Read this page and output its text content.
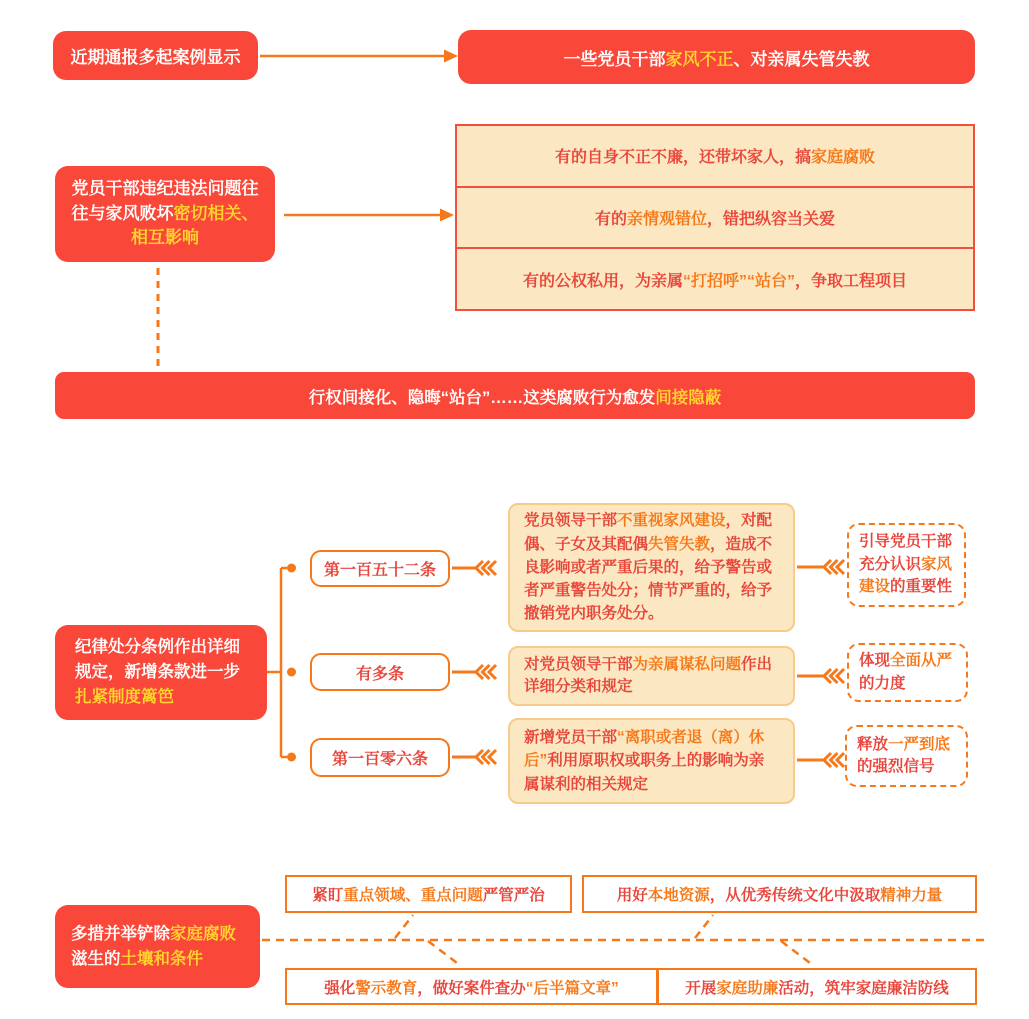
近期通报多起案例显示	一些党员干部家风不正、对亲属失管失教
党员干部违纪违法问题往往与家风败坏密切相关、相互影响
有的自身不正不廉，还带坏家人，搞家庭腐败
有的亲情观错位，错把纵容当关爱
有的公权私用，为亲属“打招呼”“站台”，争取工程项目
行权间接化、隐晦“站台”……这类腐败行为愈发间接隐蔽
纪律处分条例作出详细规定，新增条款进一步扎紧制度篱笆
第一百五十二条
党员领导干部不重视家风建设，对配偶、子女及其配偶失管失教，造成不良影响或者严重后果的，给予警告或者严重警告处分；情节严重的，给予撤销党内职务处分。
引导党员干部充分认识家风建设的重要性
有多条
对党员领导干部为亲属谋私问题作出详细分类和规定
体现全面从严的力度
第一百零六条
新增党员干部“离职或者退（离）休后”利用原职权或职务上的影响为亲属谋利的相关规定
释放一严到底的强烈信号
多措并举铲除家庭腐败滋生的土壤和条件
紧盯重点领域、重点问题严管严治	用好本地资源，从优秀传统文化中汲取精神力量
强化警示教育，做好案件查办“后半篇文章”	开展家庭助廉活动，筑牢家庭廉洁防线
